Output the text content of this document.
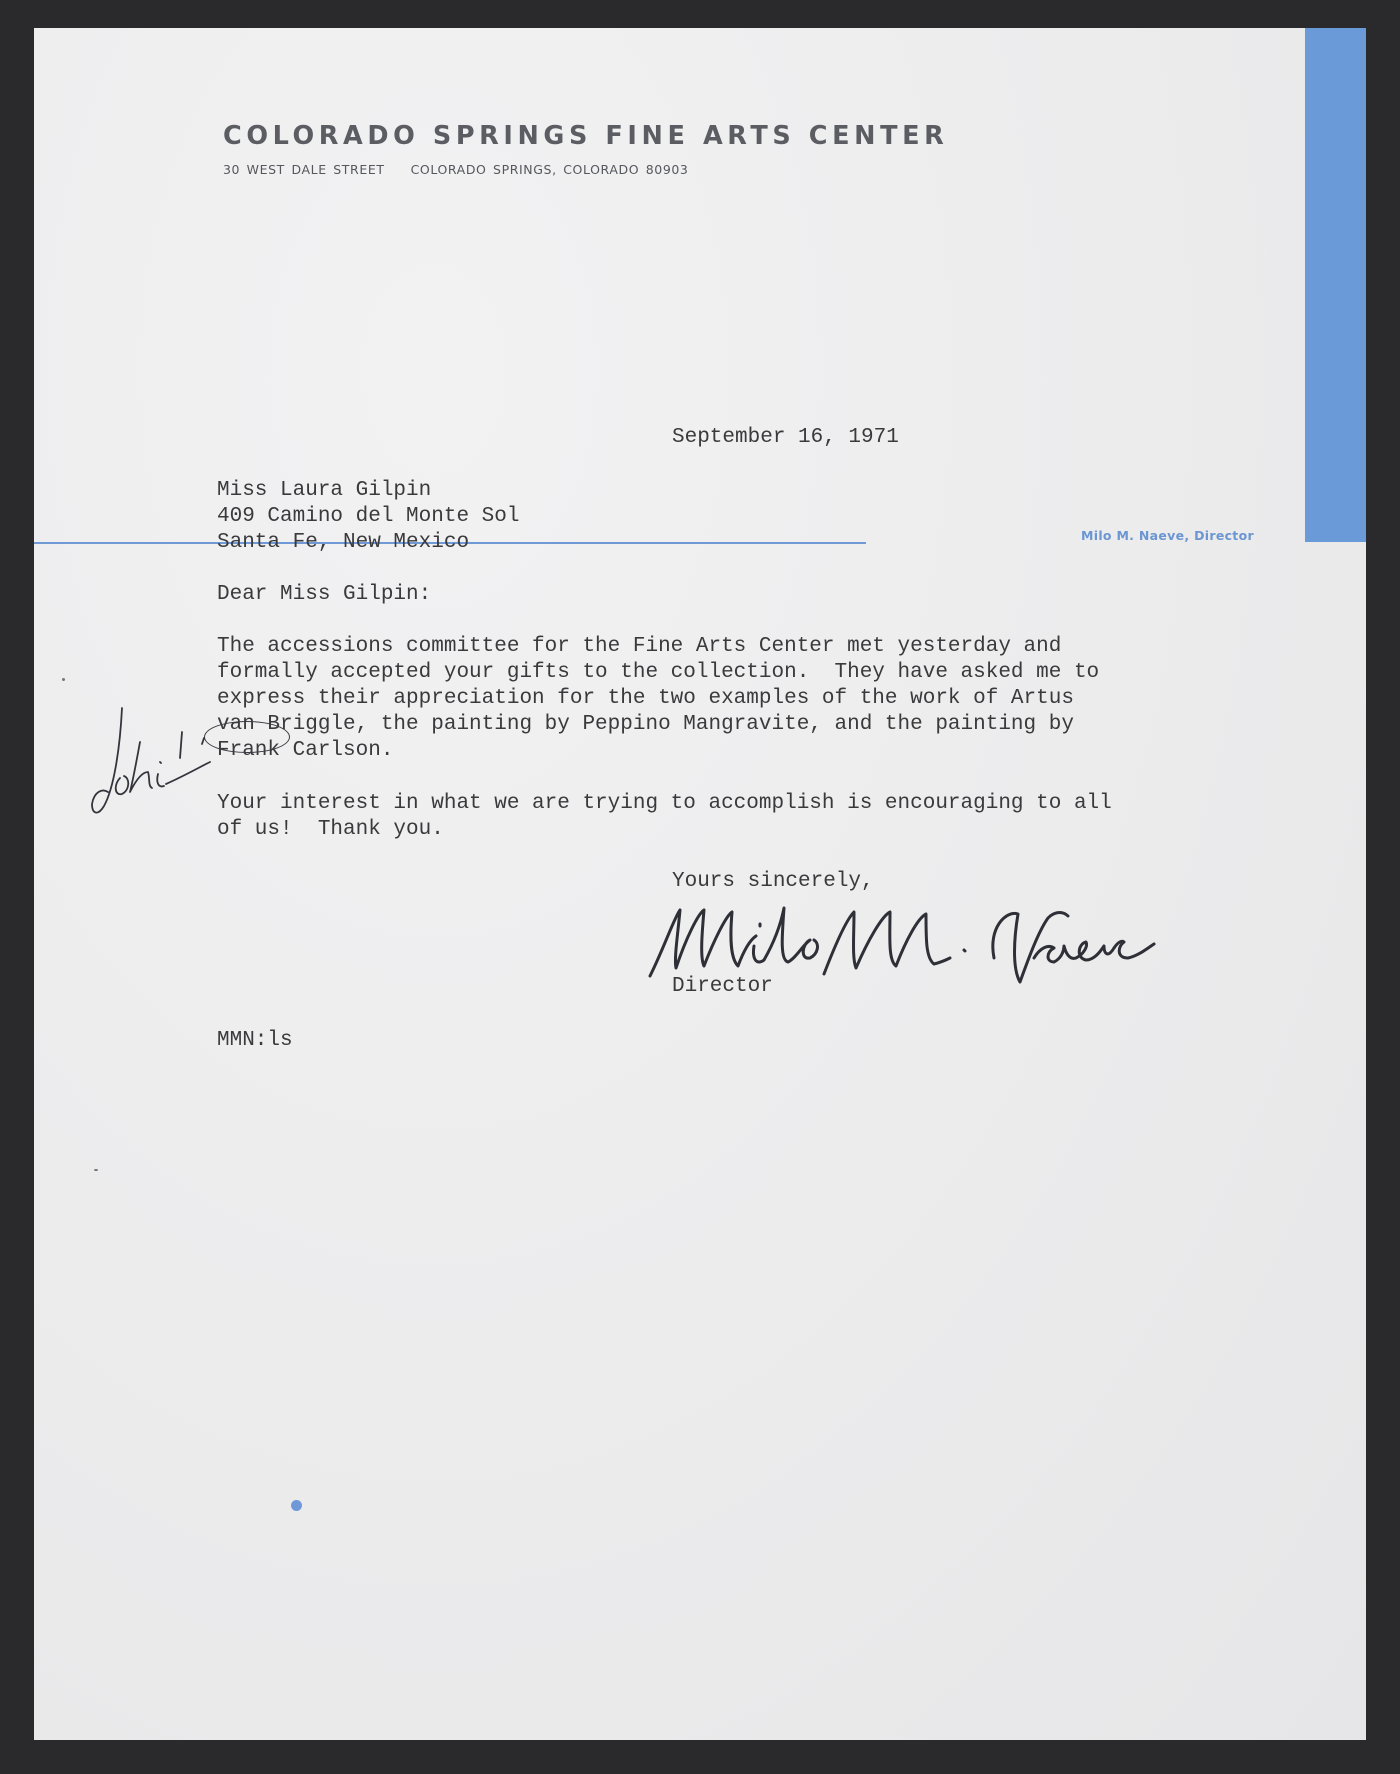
COLORADO SPRINGS FINE ARTS CENTER
30 WEST DALE STREET COLORADO SPRINGS, COLORADO 80903
Milo M. Naeve, Director
September 16, 1971
Miss Laura Gilpin
409 Camino del Monte Sol
Santa Fe, New Mexico
Dear Miss Gilpin:
The accessions committee for the Fine Arts Center met yesterday and
formally accepted your gifts to the collection.  They have asked me to
express their appreciation for the two examples of the work of Artus
van Briggle, the painting by Peppino Mangravite, and the painting by
Frank Carlson.
Your interest in what we are trying to accomplish is encouraging to all
of us!  Thank you.
Yours sincerely,
Director
MMN:ls
